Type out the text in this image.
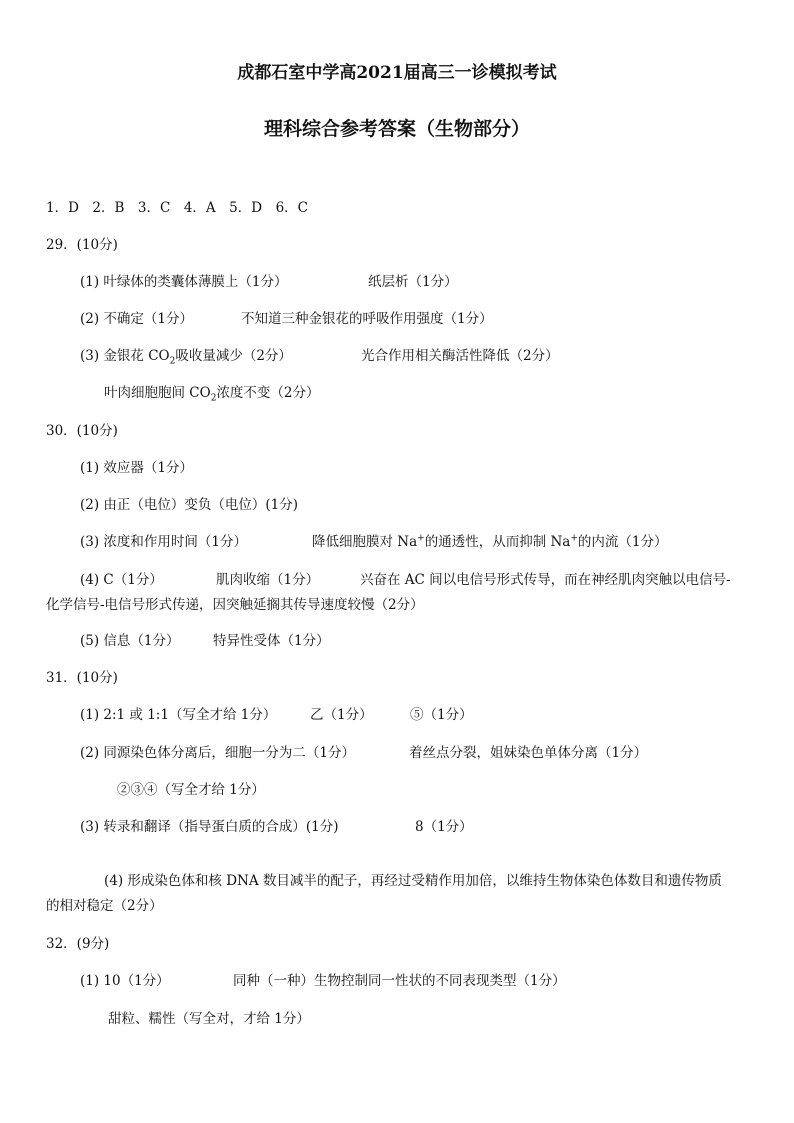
成都石室中学高2021届高三一诊模拟考试
理科综合参考答案（生物部分）
1．D　2．B　3．C　4．A　5．D　6．C
29．(10分)
(1) 叶绿体的类囊体薄膜上（1分）	纸层析（1分）
(2) 不确定（1分）	不知道三种金银花的呼吸作用强度（1分）
(3) 金银花 $CO_2$吸收量减少（2分）	光合作用相关酶活性降低（2分）
叶肉细胞胞间 $CO_2$浓度不变（2分）
30．(10分)
(1) 效应器（1分）
(2) 由正（电位）变负（电位）(1分)
(3) 浓度和作用时间（1分）	降低细胞膜对 Na+的通透性，从而抑制 Na+的内流（1分）
(4) C（1分）	肌肉收缩（1分）	兴奋在 AC 间以电信号形式传导，而在神经肌肉突触以电信号-
化学信号-电信号形式传递，因突触延搁其传导速度较慢（2分）
(5) 信息（1分） 特异性受体（1分）
31．(10分)
(1) 2:1 或 1:1（写全才给 1分） 乙（1分）	⑤（1分）
(2) 同源染色体分离后，细胞一分为二（1分）	着丝点分裂，姐妹染色单体分离（1分）
②③④（写全才给 1分）
(3) 转录和翻译（指导蛋白质的合成）(1分)	8（1分）
(4) 形成染色体和核 DNA 数目减半的配子，再经过受精作用加倍，以维持生物体染色体数目和遗传物质
的相对稳定（2分）
32．(9分)
(1) 10（1分）	同种（一种）生物控制同一性状的不同表现类型（1分）
甜粒、糯性（写全对，才给 1分）
